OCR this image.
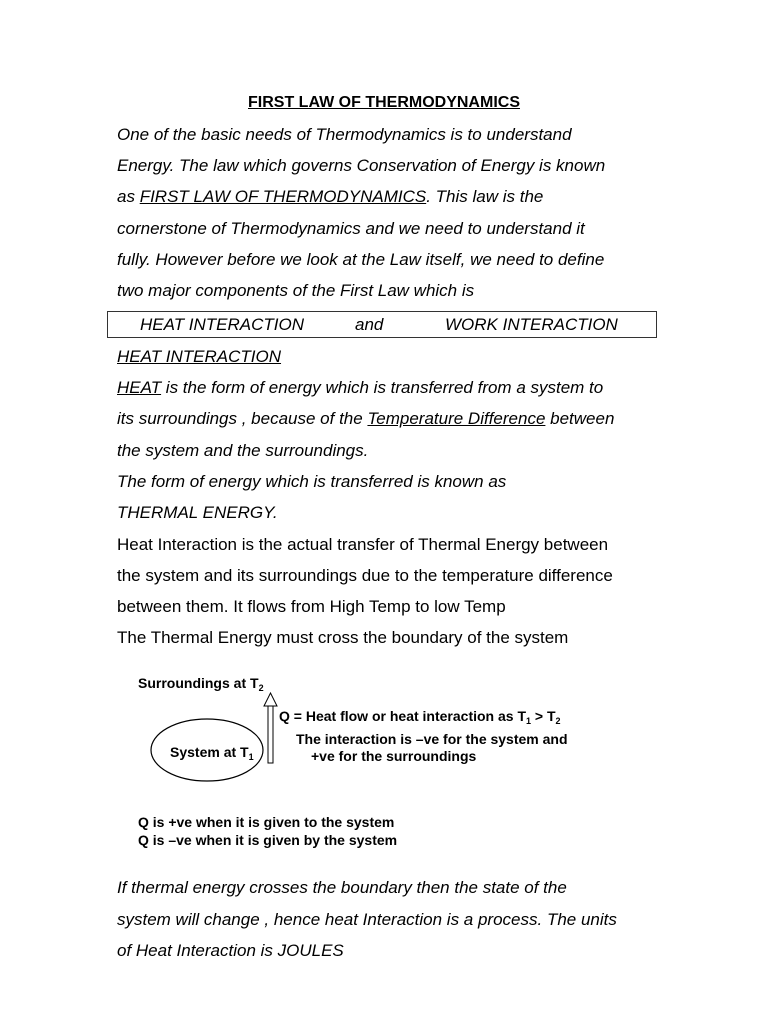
FIRST LAW OF THERMODYNAMICS
One of the basic needs of Thermodynamics is to understand
Energy. The law which governs Conservation of Energy is known
as FIRST LAW OF THERMODYNAMICS. This law is the
cornerstone of Thermodynamics and we need to understand it
fully. However before we look at the Law itself, we need to define
two major components of the First Law which is
HEAT INTERACTION	and	WORK INTERACTION
HEAT INTERACTION
HEAT is the form of energy which is transferred from a system to
its surroundings , because of the Temperature Difference between
the system and the surroundings.
The form of energy which is transferred is known as
THERMAL ENERGY.
Heat Interaction is the actual transfer of Thermal Energy between
the system and its surroundings due to the temperature difference
between them. It flows from High Temp to low Temp
The Thermal Energy must cross the boundary of the system
Surroundings at $T_2$
System at $T_1$
Q = Heat flow or heat interaction as $T_1 > T_2$
The interaction is –ve for the system and
+ve for the surroundings
Q is +ve when it is given to the system
Q is –ve when it is given by the system
If thermal energy crosses the boundary then the state of the
system will change , hence heat Interaction is a process. The units
of Heat Interaction is JOULES
